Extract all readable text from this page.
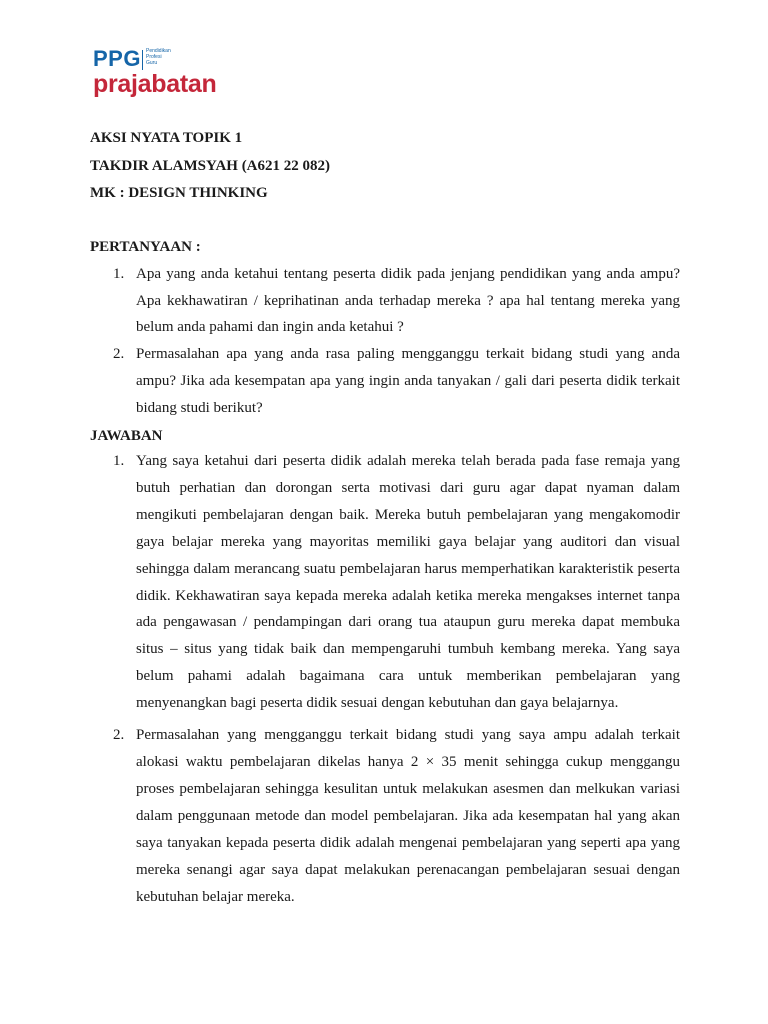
PPG Pendidikan
Profesi
Guru
prajabatan
AKSI NYATA TOPIK 1
TAKDIR ALAMSYAH (A621 22 082)
MK : DESIGN THINKING
PERTANYAAN :
1. Apa yang anda ketahui tentang peserta didik pada jenjang pendidikan yang anda ampu? Apa kekhawatiran / keprihatinan anda terhadap mereka ? apa hal tentang mereka yang belum anda pahami dan ingin anda ketahui ?
2. Permasalahan apa yang anda rasa paling mengganggu terkait bidang studi yang anda ampu? Jika ada kesempatan apa yang ingin anda tanyakan / gali dari peserta didik terkait bidang studi berikut?
JAWABAN
1. Yang saya ketahui dari peserta didik adalah mereka telah berada pada fase remaja yang butuh perhatian dan dorongan serta motivasi dari guru agar dapat nyaman dalam mengikuti pembelajaran dengan baik. Mereka butuh pembelajaran yang mengakomodir gaya belajar mereka yang mayoritas memiliki gaya belajar yang auditori dan visual sehingga dalam merancang suatu pembelajaran harus memperhatikan karakteristik peserta didik. Kekhawatiran saya kepada mereka adalah ketika mereka mengakses internet tanpa ada pengawasan / pendampingan dari orang tua ataupun guru mereka dapat membuka situs – situs yang tidak baik dan mempengaruhi tumbuh kembang mereka. Yang saya belum pahami adalah bagaimana cara untuk memberikan pembelajaran yang menyenangkan bagi peserta didik sesuai dengan kebutuhan dan gaya belajarnya.
2. Permasalahan yang mengganggu terkait bidang studi yang saya ampu adalah terkait alokasi waktu pembelajaran dikelas hanya 2 × 35 menit sehingga cukup menggangu proses pembelajaran sehingga kesulitan untuk melakukan asesmen dan melkukan variasi dalam penggunaan metode dan model pembelajaran. Jika ada kesempatan hal yang akan saya tanyakan kepada peserta didik adalah mengenai pembelajaran yang seperti apa yang mereka senangi agar saya dapat melakukan perenacangan pembelajaran sesuai dengan kebutuhan belajar mereka.
